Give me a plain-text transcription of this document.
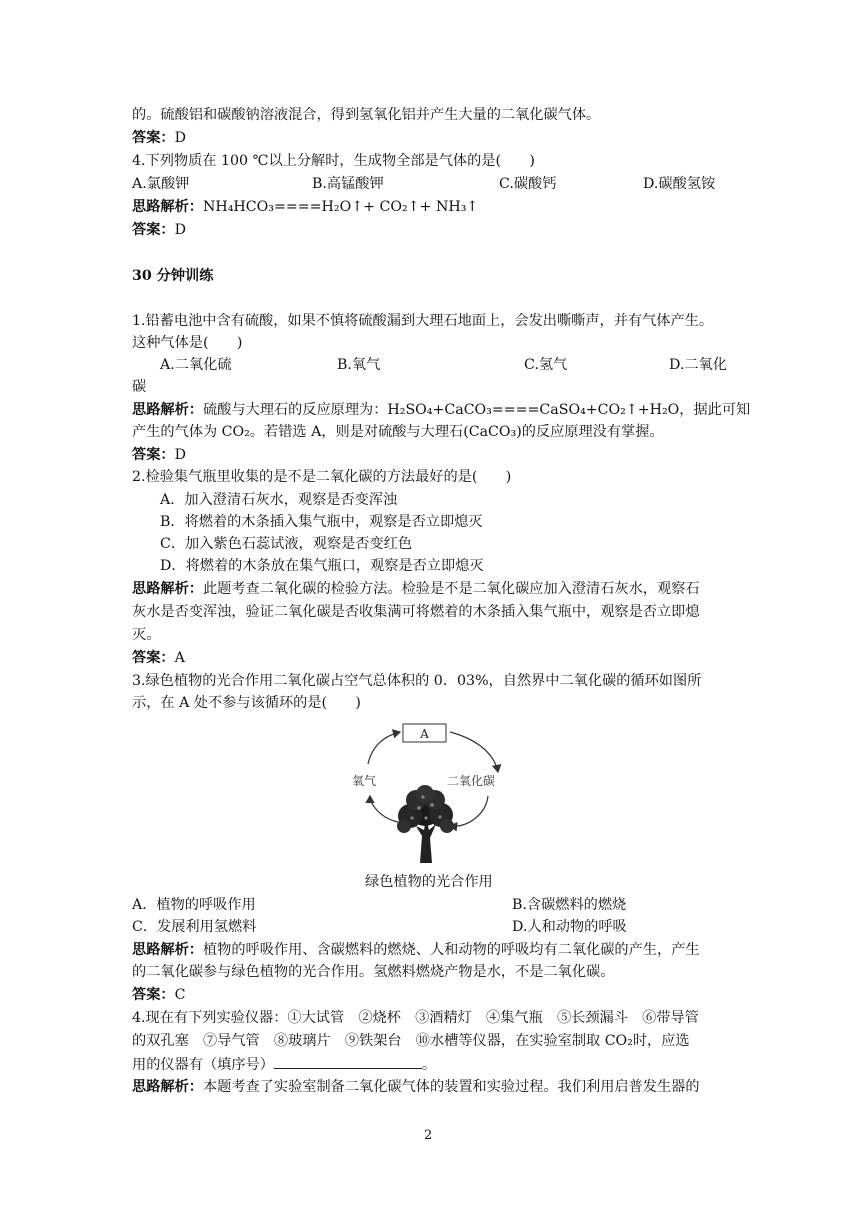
的。硫酸铝和碳酸钠溶液混合，得到氢氧化铝并产生大量的二氧化碳气体。
答案：D
4.下列物质在 100 ℃以上分解时，生成物全部是气体的是(　　)
A.氯酸钾	B.高锰酸钾	C.碳酸钙	D.碳酸氢铵
思路解析：NH₄HCO₃====H₂O↑+ CO₂↑+ NH₃↑
答案：D
30 分钟训练
1.铅蓄电池中含有硫酸，如果不慎将硫酸漏到大理石地面上，会发出嘶嘶声，并有气体产生。
这种气体是(　　)
A.二氧化硫	B.氧气	C.氢气	D.二氧化
碳
思路解析：硫酸与大理石的反应原理为：H₂SO₄+CaCO₃====CaSO₄+CO₂↑+H₂O，据此可知
产生的气体为 CO₂。若错选 A，则是对硫酸与大理石(CaCO₃)的反应原理没有掌握。
答案：D
2.检验集气瓶里收集的是不是二氧化碳的方法最好的是(　　)
A．加入澄清石灰水，观察是否变浑浊
B．将燃着的木条插入集气瓶中，观察是否立即熄灭
C．加入紫色石蕊试液，观察是否变红色
D．将燃着的木条放在集气瓶口，观察是否立即熄灭
思路解析：此题考查二氧化碳的检验方法。检验是不是二氧化碳应加入澄清石灰水，观察石
灰水是否变浑浊，验证二氧化碳是否收集满可将燃着的木条插入集气瓶中，观察是否立即熄
灭。
答案：A
3.绿色植物的光合作用二氧化碳占空气总体积的 0．03%，自然界中二氧化碳的循环如图所
示，在 A 处不参与该循环的是(　　)
A
氧气	二氧化碳
绿色植物的光合作用
A．植物的呼吸作用	B.含碳燃料的燃烧
C．发展利用氢燃料	D.人和动物的呼吸
思路解析：植物的呼吸作用、含碳燃料的燃烧、人和动物的呼吸均有二氧化碳的产生，产生
的二氧化碳参与绿色植物的光合作用。氢燃料燃烧产物是水，不是二氧化碳。
答案：C
4.现在有下列实验仪器：①大试管　②烧杯　③酒精灯　④集气瓶　⑤长颈漏斗　⑥带导管
的双孔塞　⑦导气管　⑧玻璃片　⑨铁架台　⑩水槽等仪器，在实验室制取 CO₂时，应选
用的仪器有（填序号）	。
思路解析：本题考查了实验室制备二氧化碳气体的装置和实验过程。我们利用启普发生器的
2
